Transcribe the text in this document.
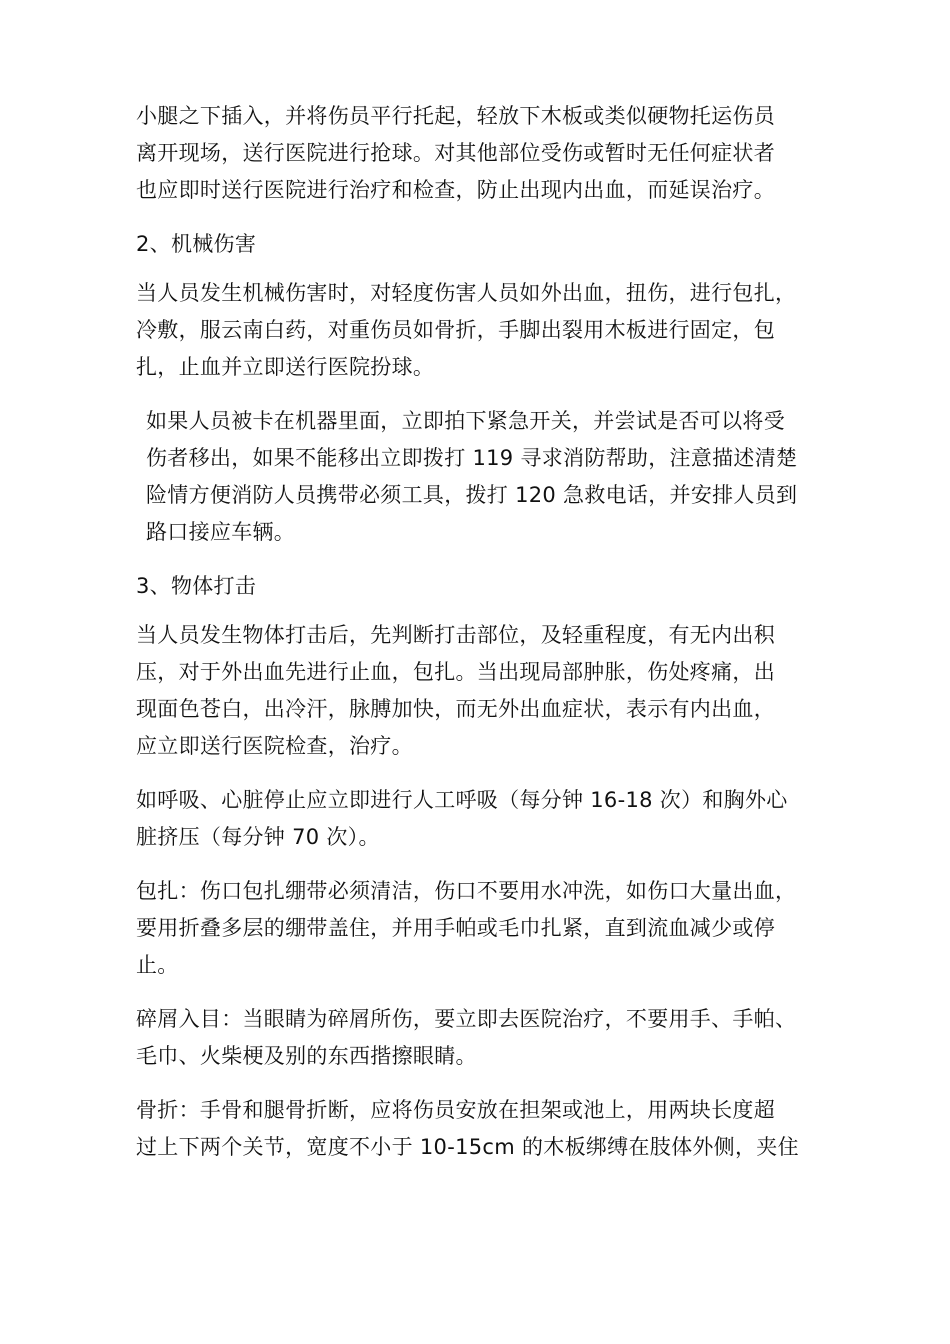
小腿之下插入，并将伤员平行托起，轻放下木板或类似硬物托运伤员
离开现场，送行医院进行抢球。对其他部位受伤或暂时无任何症状者
也应即时送行医院进行治疗和检查，防止出现内出血，而延误治疗。
2、机械伤害
当人员发生机械伤害时，对轻度伤害人员如外出血，扭伤，进行包扎，
冷敷，服云南白药，对重伤员如骨折，手脚出裂用木板进行固定，包
扎，止血并立即送行医院扮球。
如果人员被卡在机器里面，立即拍下紧急开关，并尝试是否可以将受
伤者移出，如果不能移出立即拨打 119 寻求消防帮助，注意描述清楚
险情方便消防人员携带必须工具，拨打 120 急救电话，并安排人员到
路口接应车辆。
3、物体打击
当人员发生物体打击后，先判断打击部位，及轻重程度，有无内出积
压，对于外出血先进行止血，包扎。当出现局部肿胀，伤处疼痛，出
现面色苍白，出冷汗，脉膊加快，而无外出血症状，表示有内出血，
应立即送行医院检查，治疗。
如呼吸、心脏停止应立即进行人工呼吸（每分钟 16-18 次）和胸外心
脏挤压（每分钟 70 次）。
包扎：伤口包扎绷带必须清洁，伤口不要用水冲洗，如伤口大量出血，
要用折叠多层的绷带盖住，并用手帕或毛巾扎紧，直到流血减少或停
止。
碎屑入目：当眼睛为碎屑所伤，要立即去医院治疗，不要用手、手帕、
毛巾、火柴梗及别的东西揩擦眼睛。
骨折：手骨和腿骨折断，应将伤员安放在担架或池上，用两块长度超
过上下两个关节，宽度不小于 10-15cm 的木板绑缚在肢体外侧，夹住
